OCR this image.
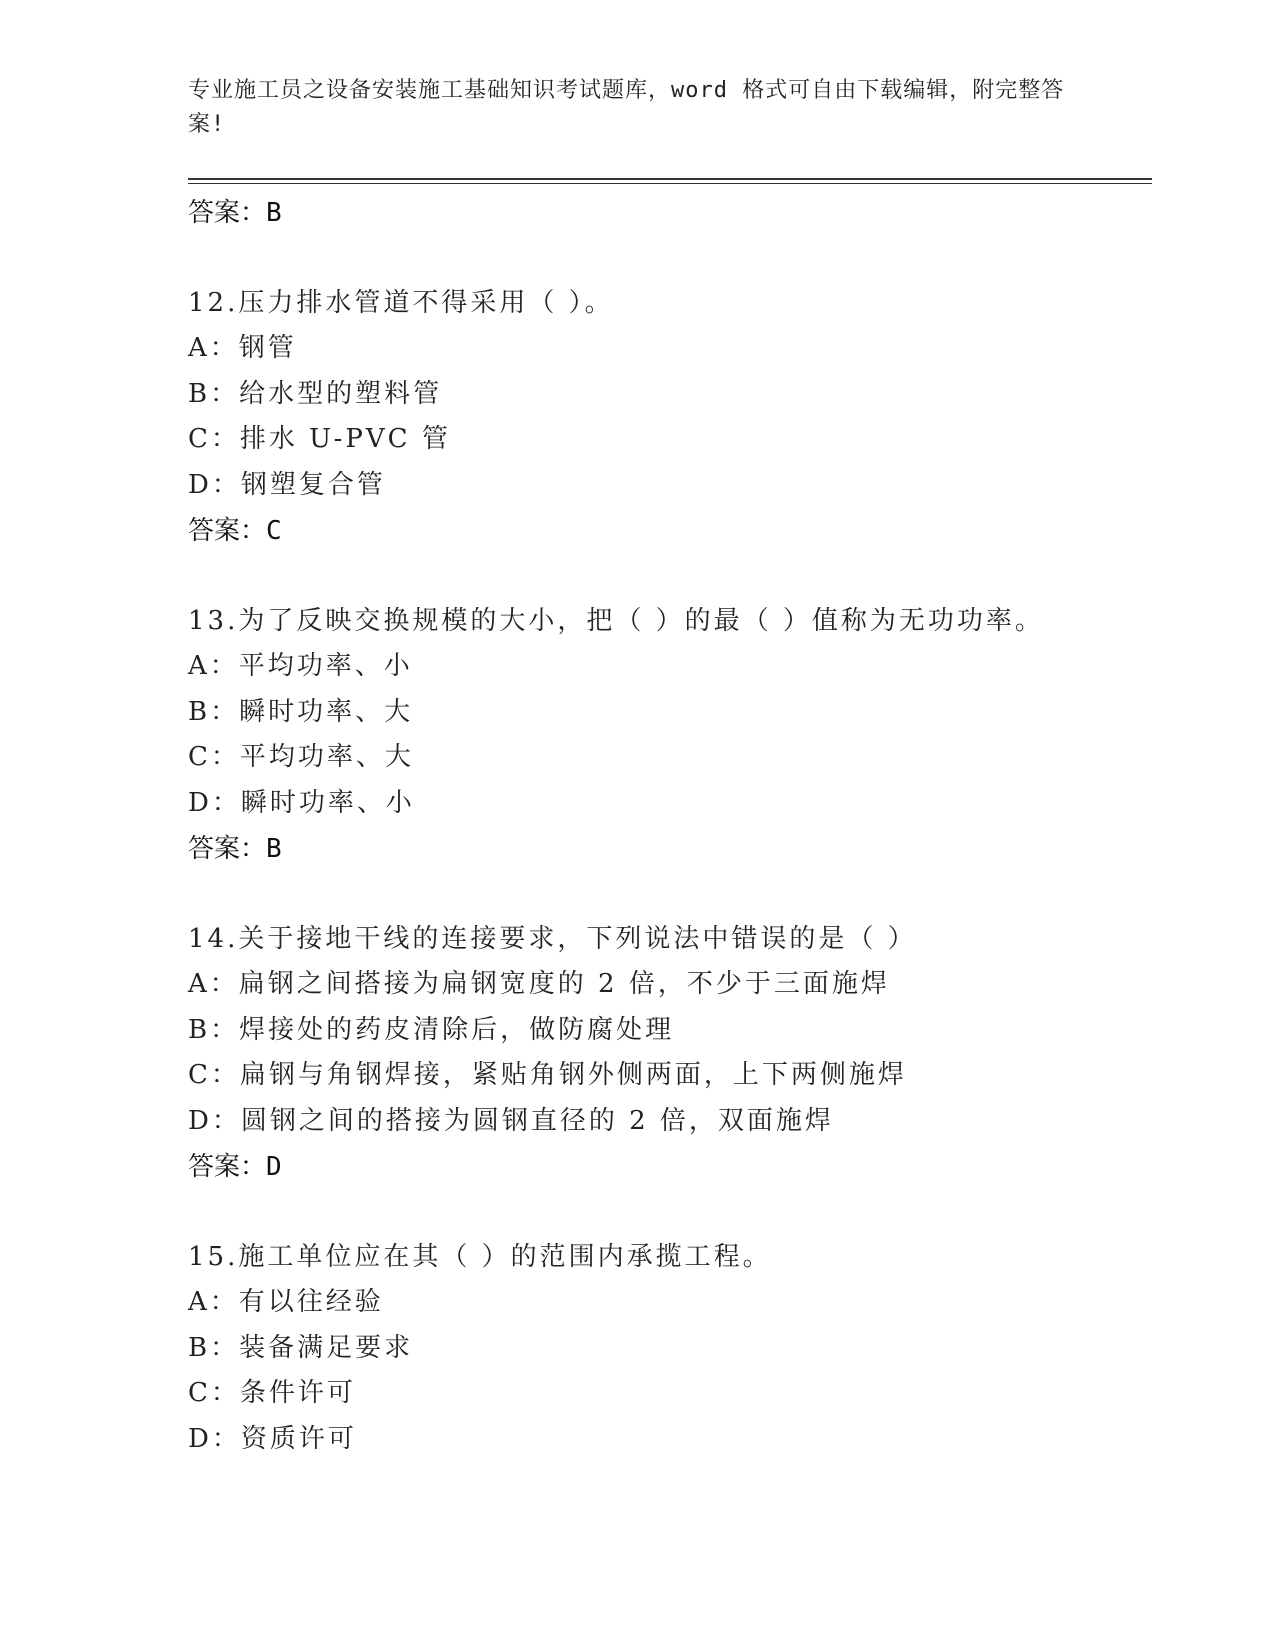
专业施工员之设备安装施工基础知识考试题库，word 格式可自由下载编辑，附完整答案!
答案：B
12.压力排水管道不得采用（ ）。
A：钢管
B：给水型的塑料管
C：排水 U-PVC 管
D：钢塑复合管
答案：C
13.为了反映交换规模的大小，把（ ）的最（ ）值称为无功功率。
A：平均功率、小
B：瞬时功率、大
C：平均功率、大
D：瞬时功率、小
答案：B
14.关于接地干线的连接要求，下列说法中错误的是（ ）
A：扁钢之间搭接为扁钢宽度的 2 倍，不少于三面施焊
B：焊接处的药皮清除后，做防腐处理
C：扁钢与角钢焊接，紧贴角钢外侧两面，上下两侧施焊
D：圆钢之间的搭接为圆钢直径的 2 倍，双面施焊
答案：D
15.施工单位应在其（ ）的范围内承揽工程。
A：有以往经验
B：装备满足要求
C：条件许可
D：资质许可
